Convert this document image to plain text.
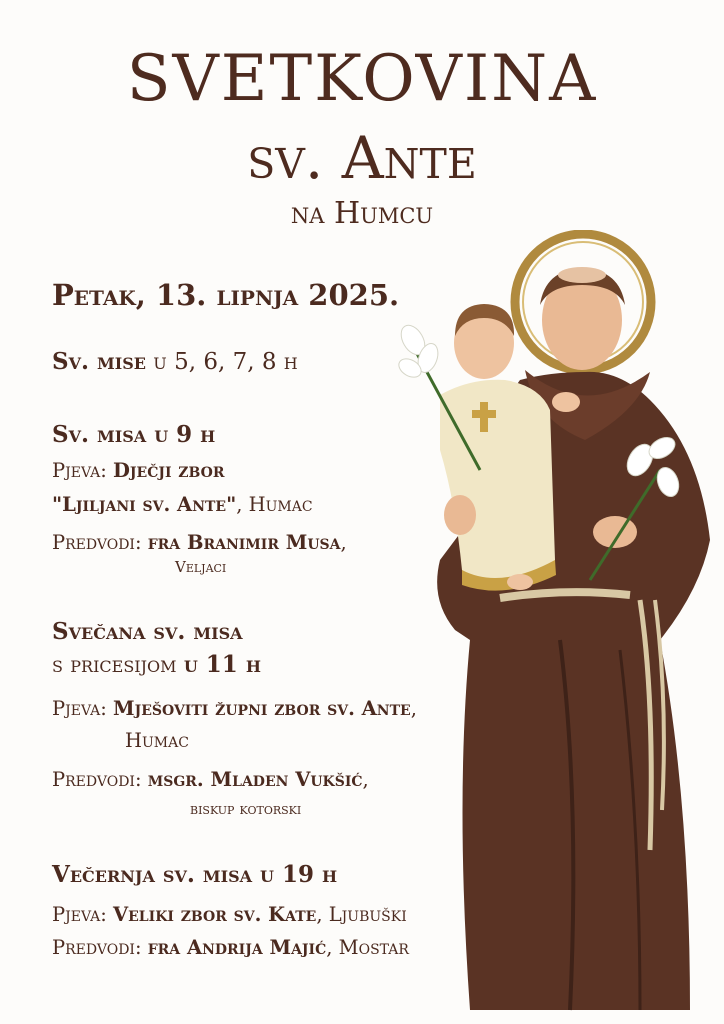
SVETKOVINA
sv. Ante
na Humcu
Petak, 13. lipnja 2025.
Sv. mise u 5, 6, 7, 8 h
Sv. misa u 9 h
Pjeva: Dječji zbor
"Ljiljani sv. Ante", Humac
Predvodi: fra Branimir Musa,
Veljaci
Svečana sv. misa
s pricesijom u 11 h
Pjeva: Mješoviti župni zbor sv. Ante,
Humac
Predvodi: msgr. Mladen Vukšić,
biskup kotorski
Večernja sv. misa u 19 h
Pjeva: Veliki zbor sv. Kate, Ljubuški
Predvodi: fra Andrija Majić, Mostar
